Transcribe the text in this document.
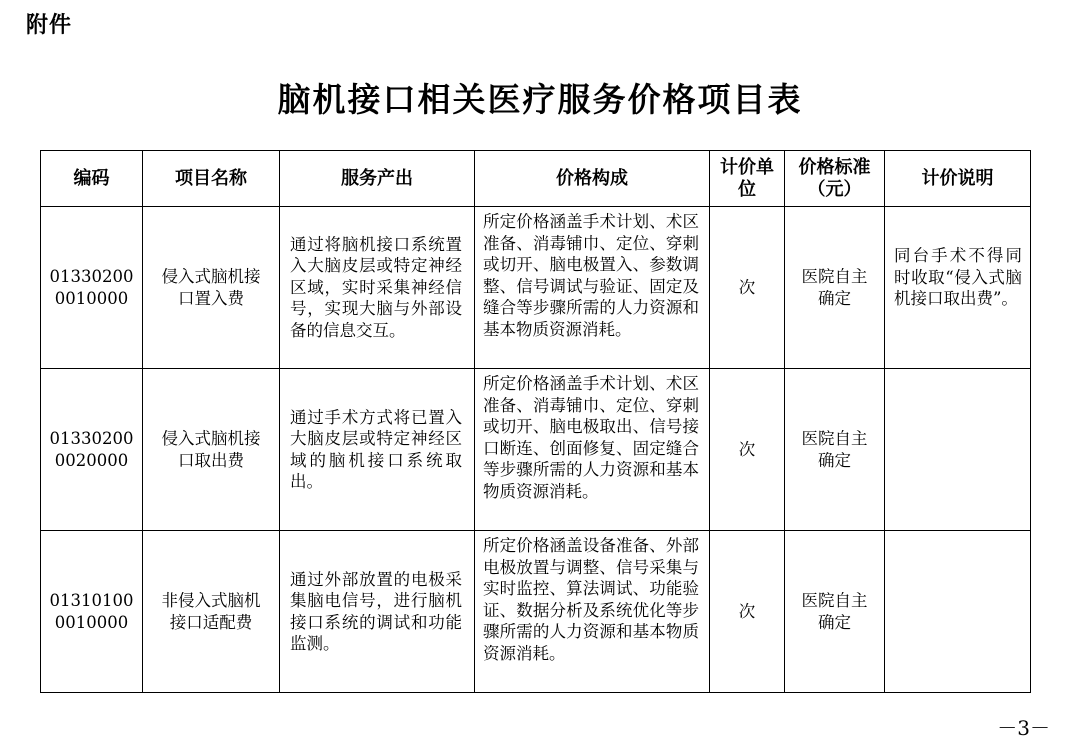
附件
脑机接口相关医疗服务价格项目表
编码	项目名称	服务产出	价格构成	计价单位	价格标准（元）	计价说明
01330200
0010000	侵入式脑机接口置入费	通过将脑机接口系统置入大脑皮层或特定神经区域，实时采集神经信号，实现大脑与外部设备的信息交互。	所定价格涵盖手术计划、术区准备、消毒铺巾、定位、穿刺或切开、脑电极置入、参数调整、信号调试与验证、固定及缝合等步骤所需的人力资源和基本物质资源消耗。	次	医院自主确定	同台手术不得同时收取“侵入式脑机接口取出费”。

01330200
0020000	侵入式脑机接口取出费	通过手术方式将已置入大脑皮层或特定神经区域的脑机接口系统取出。	所定价格涵盖手术计划、术区准备、消毒铺巾、定位、穿刺或切开、脑电极取出、信号接口断连、创面修复、固定缝合等步骤所需的人力资源和基本物质资源消耗。	次	医院自主确定	

01310100
0010000	非侵入式脑机接口适配费	通过外部放置的电极采集脑电信号，进行脑机接口系统的调试和功能监测。	所定价格涵盖设备准备、外部电极放置与调整、信号采集与实时监控、算法调试、功能验证、数据分析及系统优化等步骤所需的人力资源和基本物质资源消耗。	次	医院自主确定	
－3－
